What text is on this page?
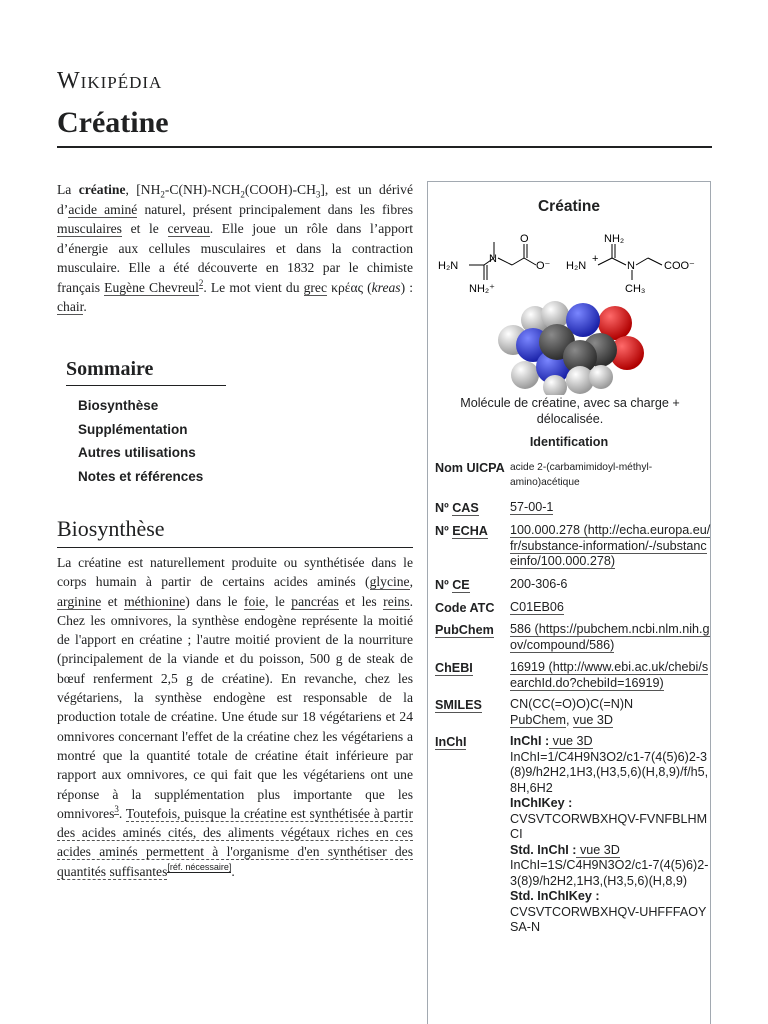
Wikipédia
Créatine

La créatine, $[NH_2-C(NH)-NCH_2(COOH)-CH_3]$, est un dérivé d’acide aminé naturel, présent principalement dans les fibres musculaires et le cerveau. Elle joue un rôle dans l’apport d’énergie aux cellules musculaires et dans la contraction musculaire. Elle a été découverte en 1832 par le chimiste français Eugène Chevreul$^2$. Le mot vient du grec κρέας (kreas) : chair.

Sommaire
Biosynthèse
Supplémentation
Autres utilisations
Notes et références
Biosynthèse

La créatine est naturellement produite ou synthétisée dans le corps humain à partir de certains acides aminés (glycine, arginine et méthionine) dans le foie, le pancréas et les reins. Chez les omnivores, la synthèse endogène représente la moitié de l'apport en créatine ; l'autre moitié provient de la nourriture (principalement de la viande et du poisson, 500 g de steak de bœuf renferment 2,5 g de créatine). En revanche, chez les végétariens, la synthèse endogène est responsable de la production totale de créatine. Une étude sur 18 végétariens et 24 omnivores concernant l'effet de la créatine chez les végétariens a montré que la quantité totale de créatine était inférieure par rapport aux omnivores, ce qui fait que les végétariens ont une réponse à la supplémentation plus importante que les omnivores$^3$. Toutefois, puisque la créatine est synthétisée à partir des acides aminés cités, des aliments végétaux riches en ces acides aminés permettent à l'organisme d'en synthétiser des quantités suffisantes[réf. nécessaire].

Créatine
H₂N
N
NH₂⁺
O
O⁻ H₂N
+
NH₂
N
CH₃
COO⁻
Molécule de créatine, avec sa charge + délocalisée.
Identification
Nom UICPA acide 2-(carbamimidoyl-méthyl-amino)acétique
Nº CAS	57-00-1
Nº ECHA	100.000.278 (http://echa.europa.eu/fr/substance-information/-/substanceinfo/100.000.278)
Nº CE	200-306-6
Code ATC	C01EB06
PubChem	586 (https://pubchem.ncbi.nlm.nih.gov/compound/586)
ChEBI	16919 (http://www.ebi.ac.uk/chebi/searchId.do?chebiId=16919)
SMILES	CN(CC(=O)O)C(=N)N
PubChem, vue 3D
InChI	InChI : vue 3D
InChI=1/C4H9N3O2/c1-7(4(5)6)2-3(8)9/h2H2,1H3,(H3,5,6)(H,8,9)/f/h5,8H,6H2
InChIKey :
CVSVTCORWBXHQV-FVNFBLHMCI
Std. InChI : vue 3D
InChI=1S/C4H9N3O2/c1-7(4(5)6)2-3(8)9/h2H2,1H3,(H3,5,6)(H,8,9)
Std. InChIKey :
CVSVTCORWBXHQV-UHFFFAOYSA-N
